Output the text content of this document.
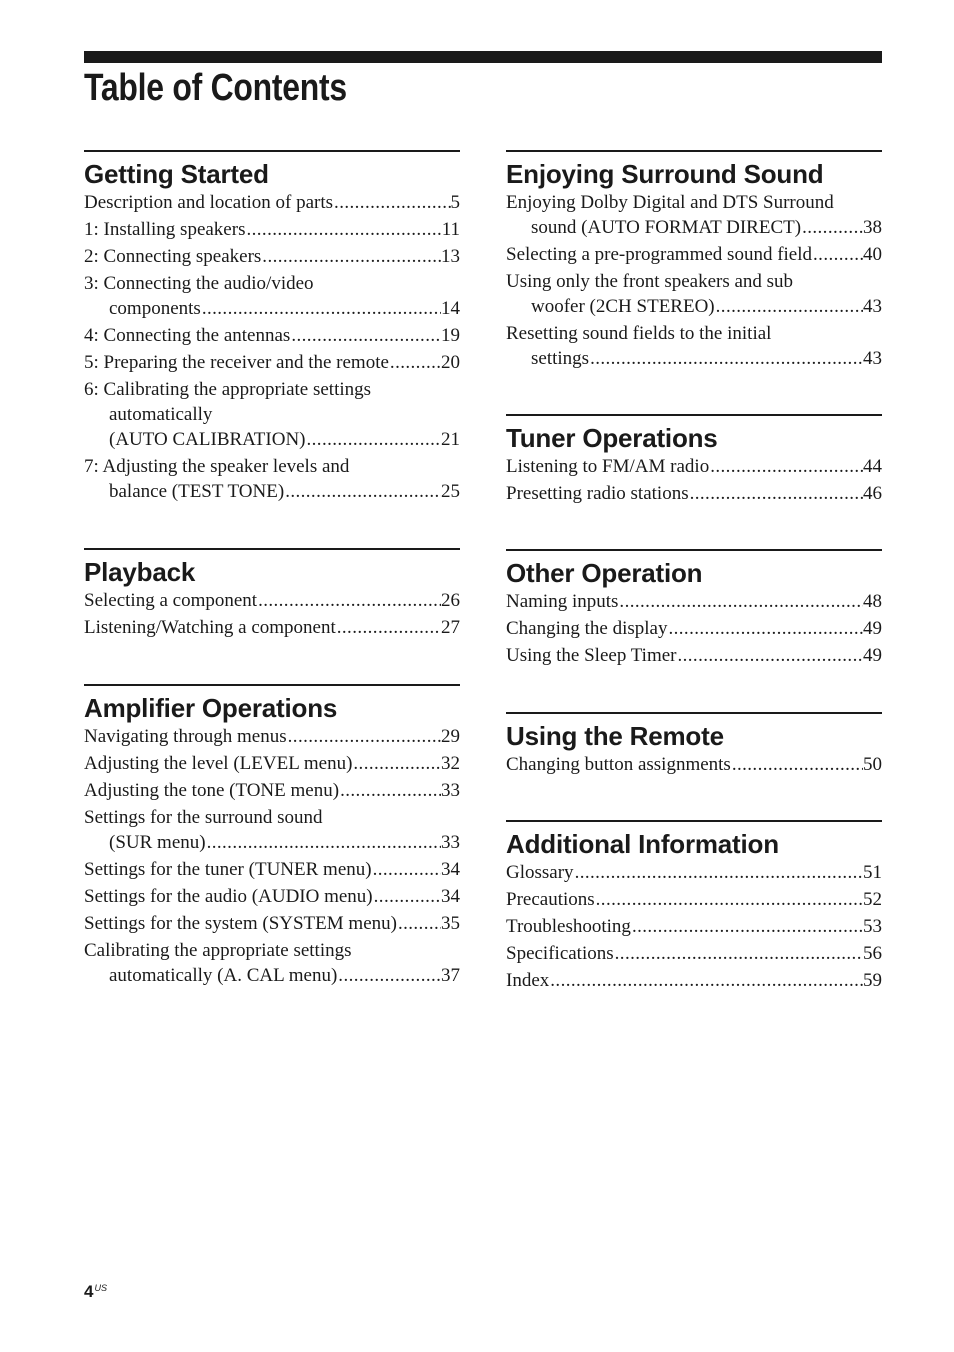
Table of Contents
Getting Started
Description and location of parts .....	5
1: Installing speakers .....	11
2: Connecting speakers .....	13
3: Connecting the audio/video
components .....	14
4: Connecting the antennas .....	19
5: Preparing the receiver and the remote .....	20
6: Calibrating the appropriate settings
automatically
(AUTO CALIBRATION) .....	21
7: Adjusting the speaker levels and
balance (TEST TONE) .....	25
Playback
Selecting a component .....	26
Listening/Watching a component .....	27
Amplifier Operations
Navigating through menus .....	29
Adjusting the level (LEVEL menu) .....	32
Adjusting the tone (TONE menu) .....	33
Settings for the surround sound
(SUR menu) .....	33
Settings for the tuner (TUNER menu) .....	34
Settings for the audio (AUDIO menu) .....	34
Settings for the system (SYSTEM menu) ..... 35
Calibrating the appropriate settings
automatically (A. CAL menu) .....	37
Enjoying Surround Sound
Enjoying Dolby Digital and DTS Surround
sound (AUTO FORMAT DIRECT) .....	38
Selecting a pre-programmed sound field .....	40
Using only the front speakers and sub
woofer (2CH STEREO) .....	43
Resetting sound fields to the initial
settings .....	43
Tuner Operations
Listening to FM/AM radio .....	44
Presetting radio stations .....	46
Other Operation
Naming inputs .....	48
Changing the display .....	49
Using the Sleep Timer .....	49
Using the Remote
Changing button assignments .....	50
Additional Information
Glossary .....	51
Precautions .....	52
Troubleshooting .....	53
Specifications .....	56
Index .....	59
$4^{US}$
